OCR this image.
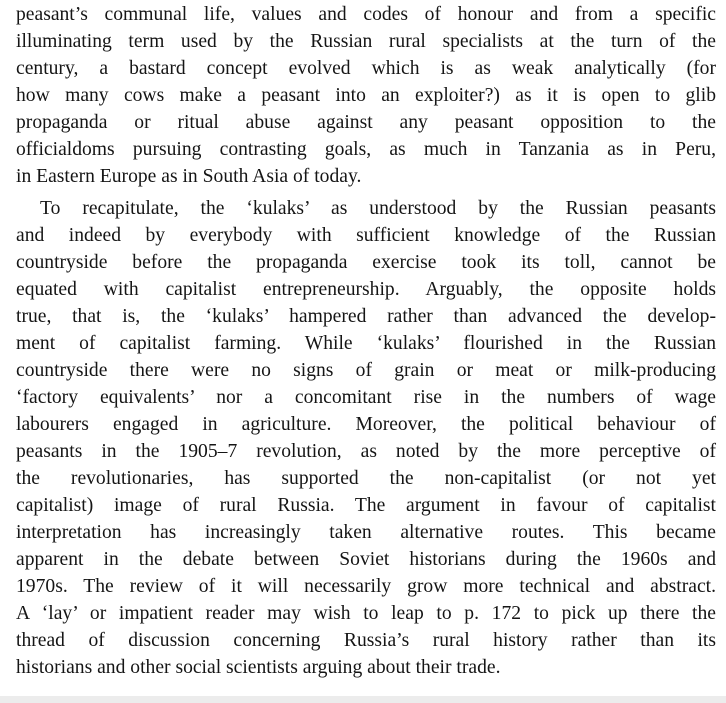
peasant’s communal life, values and codes of honour and from a specific
illuminating term used by the Russian rural specialists at the turn of the
century, a bastard concept evolved which is as weak analytically (for
how many cows make a peasant into an exploiter?) as it is open to glib
propaganda or ritual abuse against any peasant opposition to the
officialdoms pursuing contrasting goals, as much in Tanzania as in Peru,
in Eastern Europe as in South Asia of today.
To recapitulate, the ‘kulaks’ as understood by the Russian peasants
and indeed by everybody with sufficient knowledge of the Russian
countryside before the propaganda exercise took its toll, cannot be
equated with capitalist entrepreneurship. Arguably, the opposite holds
true, that is, the ‘kulaks’ hampered rather than advanced the develop-
ment of capitalist farming. While ‘kulaks’ flourished in the Russian
countryside there were no signs of grain or meat or milk-producing
‘factory equivalents’ nor a concomitant rise in the numbers of wage
labourers engaged in agriculture. Moreover, the political behaviour of
peasants in the 1905–7 revolution, as noted by the more perceptive of
the revolutionaries, has supported the non-capitalist (or not yet
capitalist) image of rural Russia. The argument in favour of capitalist
interpretation has increasingly taken alternative routes. This became
apparent in the debate between Soviet historians during the 1960s and
1970s. The review of it will necessarily grow more technical and abstract.
A ‘lay’ or impatient reader may wish to leap to p. 172 to pick up there the
thread of discussion concerning Russia’s rural history rather than its
historians and other social scientists arguing about their trade.
